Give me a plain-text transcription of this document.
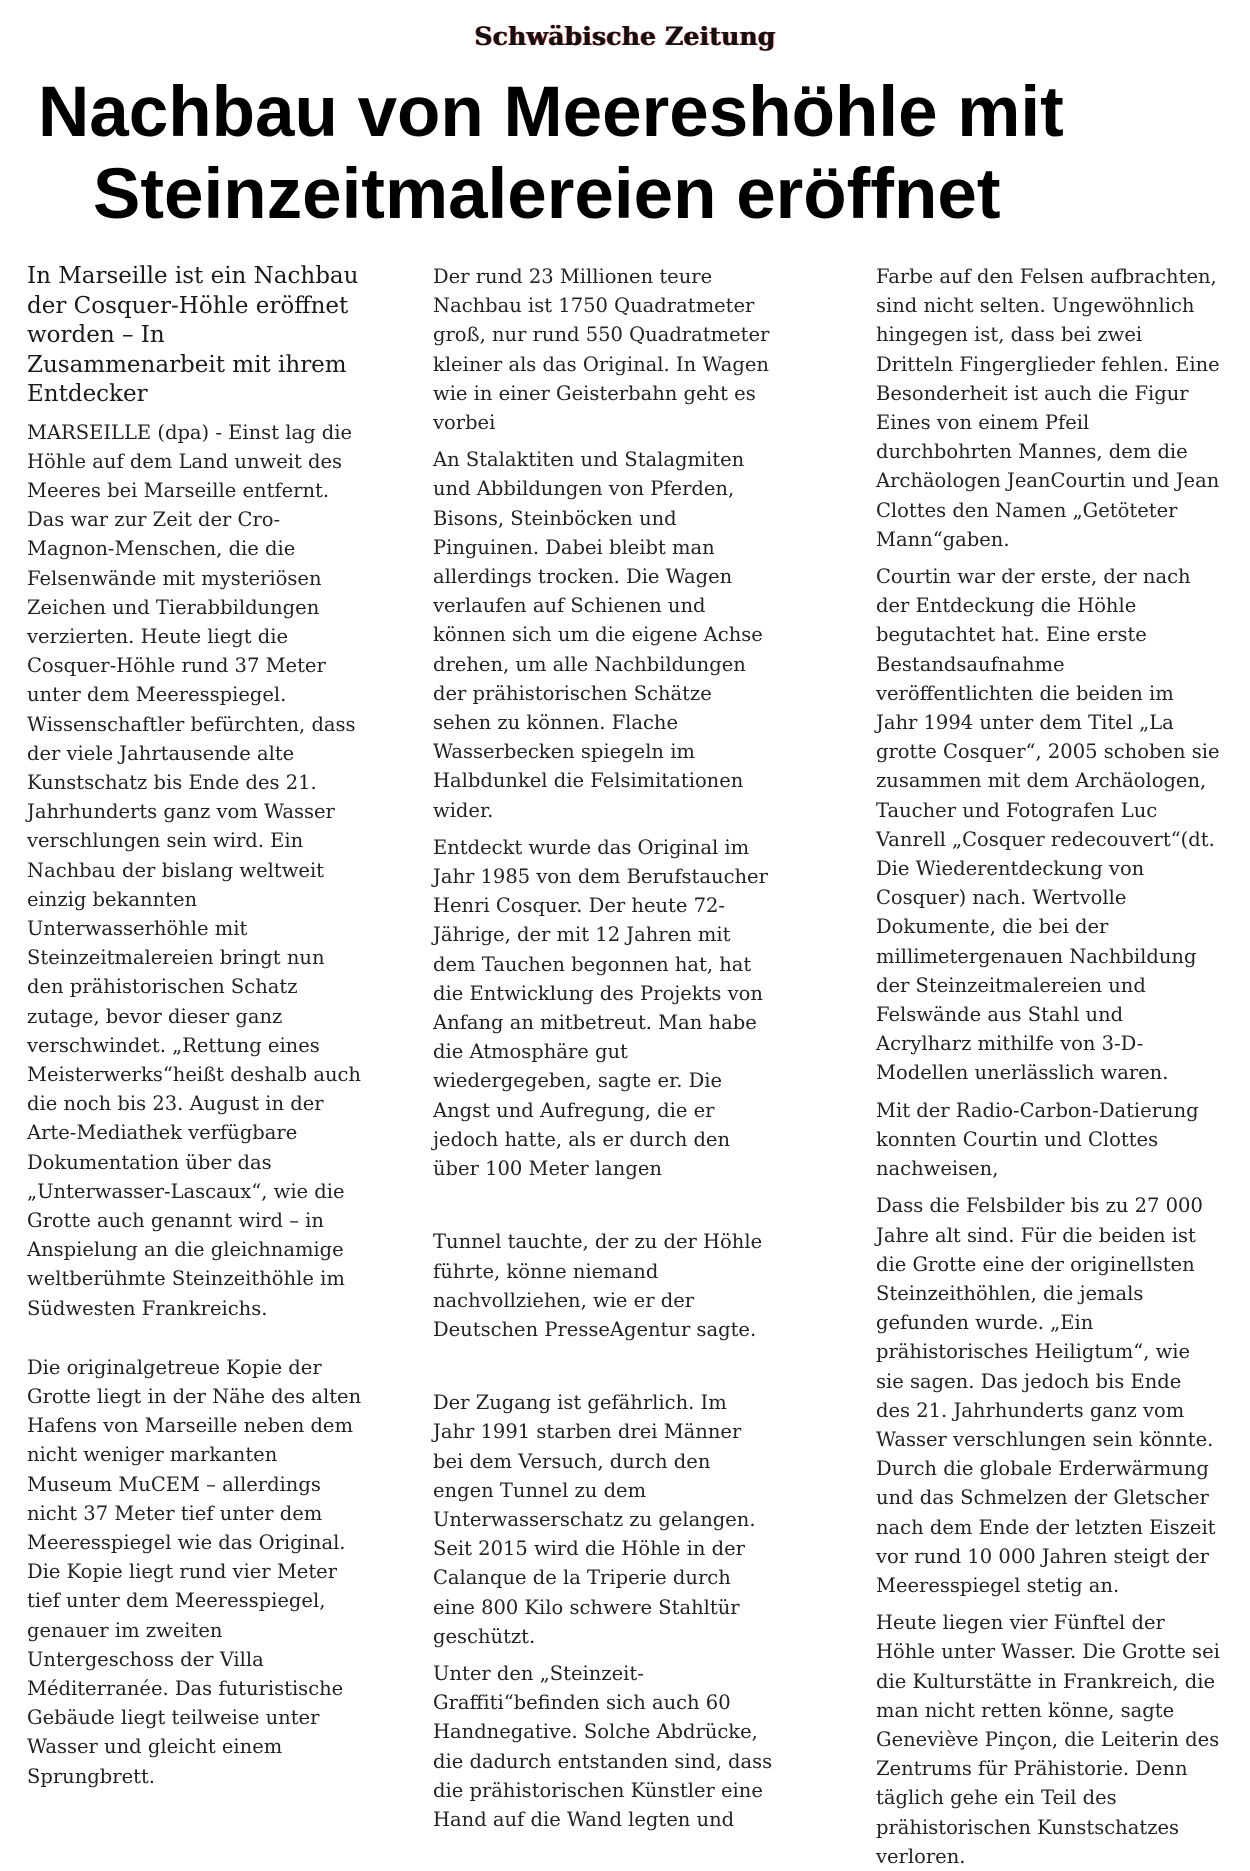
Schwäbische Zeitung
Nachbau von Meereshöhle mit
Steinzeitmalereien eröffnet

In Marseille ist ein Nachbau der Cosquer-Höhle eröffnet worden – In Zusammenarbeit mit ihrem Entdecker

MARSEILLE (dpa) - Einst lag die Höhle auf dem Land unweit des Meeres bei Marseille entfernt. Das war zur Zeit der Cro-Magnon-Menschen, die die Felsenwände mit mysteriösen Zeichen und Tierabbildungen verzierten. Heute liegt die Cosquer-Höhle rund 37 Meter unter dem Meeresspiegel. Wissenschaftler befürchten, dass der viele Jahrtausende alte Kunstschatz bis Ende des 21. Jahrhunderts ganz vom Wasser verschlungen sein wird. Ein Nachbau der bislang weltweit einzig bekannten Unterwasserhöhle mit Steinzeitmalereien bringt nun den prähistorischen Schatz zutage, bevor dieser ganz verschwindet. „Rettung eines Meisterwerks“heißt deshalb auch die noch bis 23. August in der Arte-Mediathek verfügbare Dokumentation über das „Unterwasser-Lascaux“, wie die Grotte auch genannt wird – in Anspielung an die gleichnamige weltberühmte Steinzeithöhle im Südwesten Frankreichs.

Die originalgetreue Kopie der Grotte liegt in der Nähe des alten Hafens von Marseille neben dem nicht weniger markanten Museum MuCEM – allerdings nicht 37 Meter tief unter dem Meeresspiegel wie das Original. Die Kopie liegt rund vier Meter tief unter dem Meeresspiegel, genauer im zweiten Untergeschoss der Villa Méditerranée. Das futuristische Gebäude liegt teilweise unter Wasser und gleicht einem Sprungbrett.

Der rund 23 Millionen teure Nachbau ist 1750 Quadratmeter groß, nur rund 550 Quadratmeter kleiner als das Original. In Wagen wie in einer Geisterbahn geht es vorbei

An Stalaktiten und Stalagmiten und Abbildungen von Pferden, Bisons, Steinböcken und Pinguinen. Dabei bleibt man allerdings trocken. Die Wagen verlaufen auf Schienen und können sich um die eigene Achse drehen, um alle Nachbildungen der prähistorischen Schätze sehen zu können. Flache Wasserbecken spiegeln im Halbdunkel die Felsimitationen wider.

Entdeckt wurde das Original im Jahr 1985 von dem Berufstaucher Henri Cosquer. Der heute 72-Jährige, der mit 12 Jahren mit dem Tauchen begonnen hat, hat die Entwicklung des Projekts von Anfang an mitbetreut. Man habe die Atmosphäre gut wiedergegeben, sagte er. Die Angst und Aufregung, die er jedoch hatte, als er durch den über 100 Meter langen

Tunnel tauchte, der zu der Höhle führte, könne niemand nachvollziehen, wie er der Deutschen PresseAgentur sagte.

Der Zugang ist gefährlich. Im Jahr 1991 starben drei Männer bei dem Versuch, durch den engen Tunnel zu dem Unterwasserschatz zu gelangen. Seit 2015 wird die Höhle in der Calanque de la Triperie durch eine 800 Kilo schwere Stahltür geschützt.

Unter den „Steinzeit-Graffiti“befinden sich auch 60 Handnegative. Solche Abdrücke, die dadurch entstanden sind, dass die prähistorischen Künstler eine Hand auf die Wand legten und

Farbe auf den Felsen aufbrachten, sind nicht selten. Ungewöhnlich hingegen ist, dass bei zwei Dritteln Fingerglieder fehlen. Eine Besonderheit ist auch die Figur Eines von einem Pfeil durchbohrten Mannes, dem die Archäologen JeanCourtin und Jean Clottes den Namen „Getöteter Mann“gaben.

Courtin war der erste, der nach der Entdeckung die Höhle begutachtet hat. Eine erste Bestandsaufnahme veröffentlichten die beiden im Jahr 1994 unter dem Titel „La grotte Cosquer“, 2005 schoben sie zusammen mit dem Archäologen, Taucher und Fotografen Luc Vanrell „Cosquer redecouvert“(dt. Die Wiederentdeckung von Cosquer) nach. Wertvolle Dokumente, die bei der millimetergenauen Nachbildung der Steinzeitmalereien und Felswände aus Stahl und Acrylharz mithilfe von 3-D-Modellen unerlässlich waren.

Mit der Radio-Carbon-Datierung konnten Courtin und Clottes nachweisen,

Dass die Felsbilder bis zu 27 000 Jahre alt sind. Für die beiden ist die Grotte eine der originellsten Steinzeithöhlen, die jemals gefunden wurde. „Ein prähistorisches Heiligtum“, wie sie sagen. Das jedoch bis Ende des 21. Jahrhunderts ganz vom Wasser verschlungen sein könnte. Durch die globale Erderwärmung und das Schmelzen der Gletscher nach dem Ende der letzten Eiszeit vor rund 10 000 Jahren steigt der Meeresspiegel stetig an.

Heute liegen vier Fünftel der Höhle unter Wasser. Die Grotte sei die Kulturstätte in Frankreich, die man nicht retten könne, sagte Geneviève Pinçon, die Leiterin des Zentrums für Prähistorie. Denn täglich gehe ein Teil des prähistorischen Kunstschatzes verloren.
